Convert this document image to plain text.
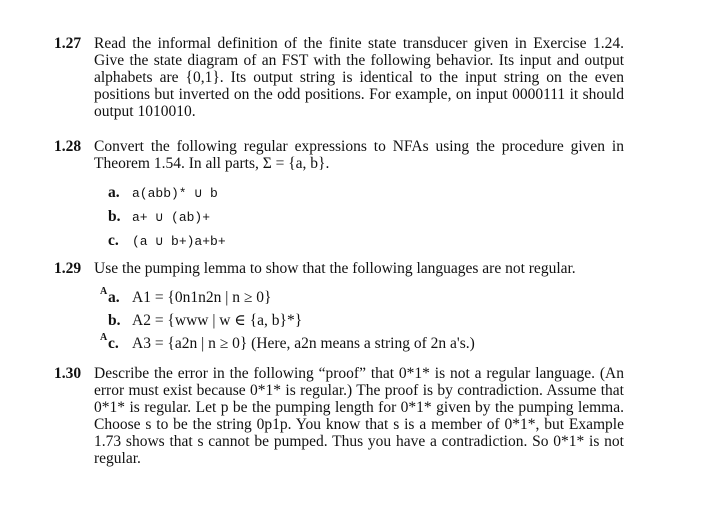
1.27 Read the informal definition of the finite state transducer given in Exercise 1.24. Give the state diagram of an FST with the following behavior. Its input and output alphabets are {0,1}. Its output string is identical to the input string on the even positions but inverted on the odd positions. For example, on input 0000111 it should output 1010010.

1.28 Convert the following regular expressions to NFAs using the procedure given in Theorem 1.54. In all parts, Σ = {a, b}.

a. a(abb)* ∪ b
b. a+ ∪ (ab)+
c. (a ∪ b+)a+b+
1.29 Use the pumping lemma to show that the following languages are not regular.

A a. A1 = {0n1n2n | n ≥ 0}
b. A2 = {www | w ∈ {a, b}*}
A c. A3 = {a2n | n ≥ 0} (Here, a2n means a string of 2n a's.)
1.30 Describe the error in the following “proof” that 0*1* is not a regular language. (An error must exist because 0*1* is regular.) The proof is by contradiction. Assume that 0*1* is regular. Let p be the pumping length for 0*1* given by the pumping lemma. Choose s to be the string 0p1p. You know that s is a member of 0*1*, but Example 1.73 shows that s cannot be pumped. Thus you have a contradiction. So 0*1* is not regular.
